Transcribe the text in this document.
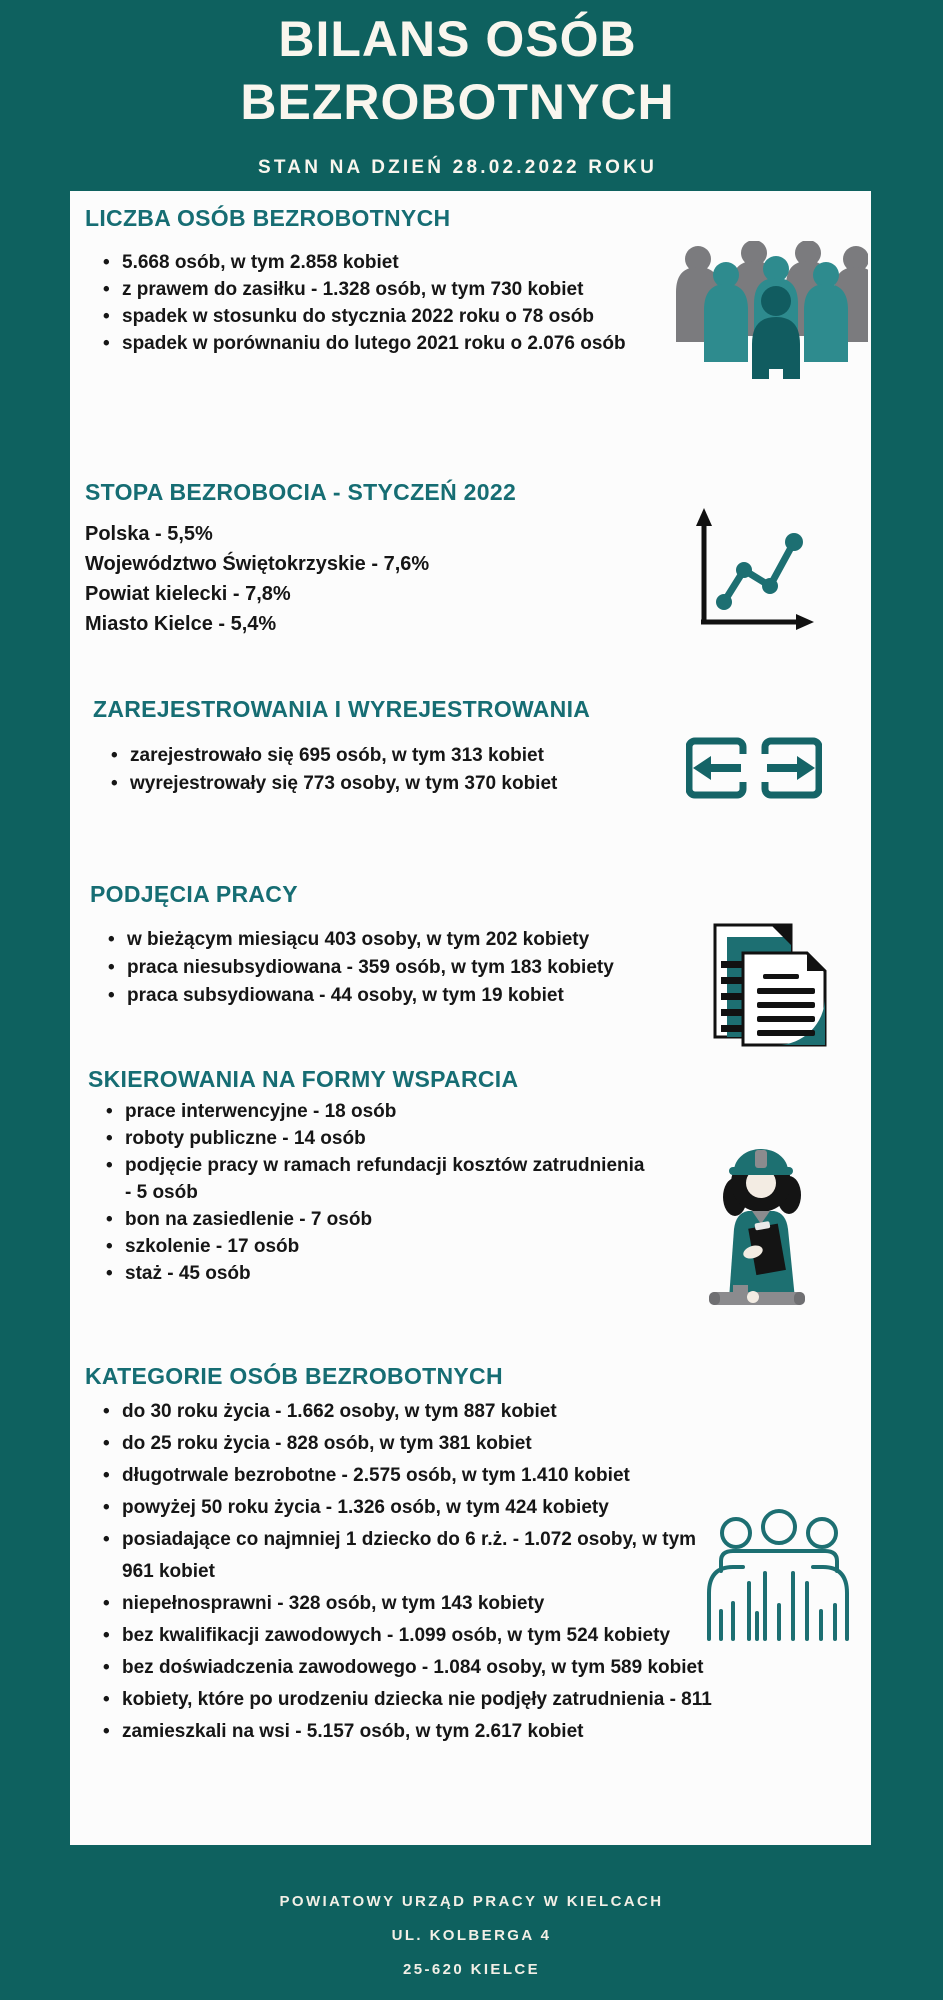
BILANS OSÓB
BEZROBOTNYCH
STAN NA DZIEŃ 28.02.2022 ROKU
LICZBA OSÓB BEZROBOTNYCH
• 5.668 osób, w tym 2.858 kobiet
• z prawem do zasiłku - 1.328 osób, w tym 730 kobiet
• spadek w stosunku do stycznia 2022 roku o 78 osób
• spadek w porównaniu do lutego 2021 roku o 2.076 osób
STOPA BEZROBOCIA - STYCZEŃ 2022
Polska - 5,5%
Województwo Świętokrzyskie - 7,6%
Powiat kielecki - 7,8%
Miasto Kielce - 5,4%
ZAREJESTROWANIA I WYREJESTROWANIA
• zarejestrowało się 695 osób, w tym 313 kobiet
• wyrejestrowały się 773 osoby, w tym 370 kobiet
PODJĘCIA PRACY
• w bieżącym miesiącu 403 osoby, w tym 202 kobiety
• praca niesubsydiowana - 359 osób, w tym 183 kobiety
• praca subsydiowana - 44 osoby, w tym 19 kobiet
SKIEROWANIA NA FORMY WSPARCIA
• prace interwencyjne - 18 osób
• roboty publiczne - 14 osób
• podjęcie pracy w ramach refundacji kosztów zatrudnienia - 5 osób
• bon na zasiedlenie - 7 osób
• szkolenie - 17 osób
• staż - 45 osób
KATEGORIE OSÓB BEZROBOTNYCH
• do 30 roku życia - 1.662 osoby, w tym 887 kobiet
• do 25 roku życia - 828 osób, w tym 381 kobiet
• długotrwale bezrobotne - 2.575 osób, w tym 1.410 kobiet
• powyżej 50 roku życia - 1.326 osób, w tym 424 kobiety
• posiadające co najmniej 1 dziecko do 6 r.ż. - 1.072 osoby, w tym 961 kobiet
• niepełnosprawni - 328 osób, w tym 143 kobiety
• bez kwalifikacji zawodowych - 1.099 osób, w tym 524 kobiety
• bez doświadczenia zawodowego - 1.084 osoby, w tym 589 kobiet
• kobiety, które po urodzeniu dziecka nie podjęły zatrudnienia - 811
• zamieszkali na wsi - 5.157 osób, w tym 2.617 kobiet
POWIATOWY URZĄD PRACY W KIELCACH
UL. KOLBERGA 4
25-620 KIELCE
